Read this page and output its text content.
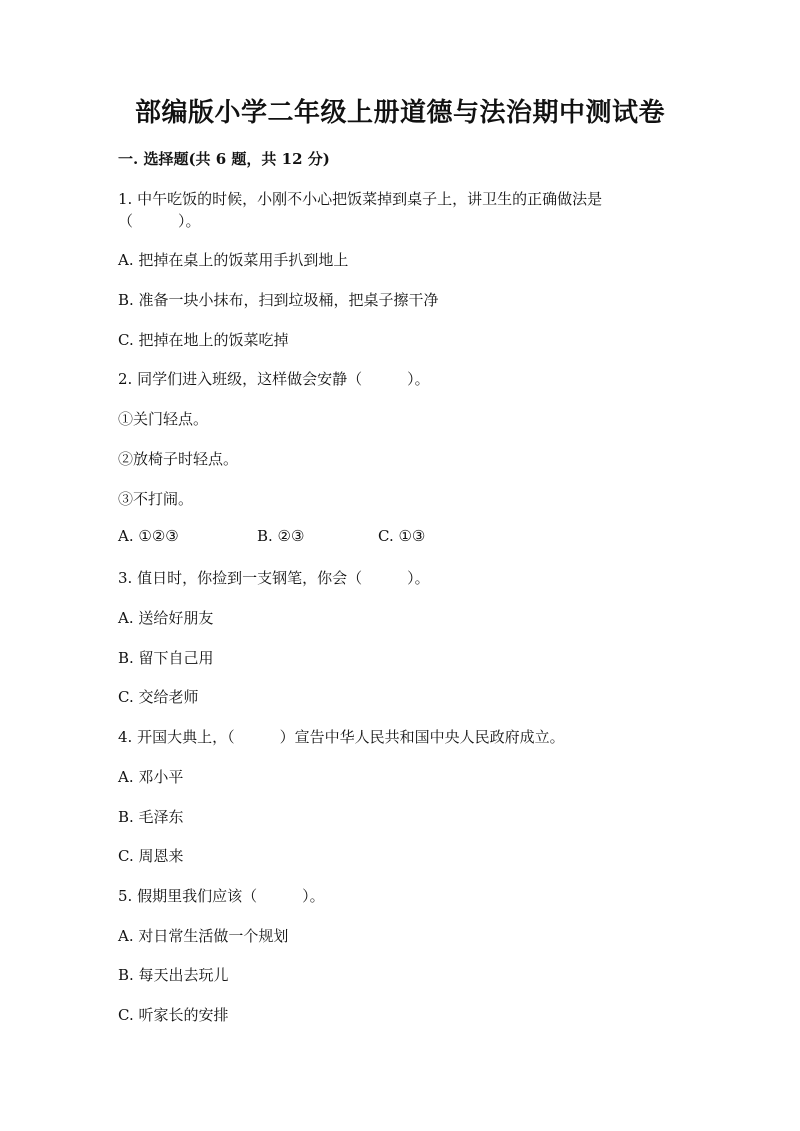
部编版小学二年级上册道德与法治期中测试卷
一. 选择题(共 6 题，共 12 分)
1. 中午吃饭的时候，小刚不小心把饭菜掉到桌子上，讲卫生的正确做法是
（　　　）。
A. 把掉在桌上的饭菜用手扒到地上
B. 准备一块小抹布，扫到垃圾桶，把桌子擦干净
C. 把掉在地上的饭菜吃掉
2. 同学们进入班级，这样做会安静（　　　）。
①关门轻点。
②放椅子时轻点。
③不打闹。
A. ①②③	B. ②③	C. ①③
3. 值日时，你捡到一支钢笔，你会（　　　）。
A. 送给好朋友
B. 留下自己用
C. 交给老师
4. 开国大典上，（　　　）宣告中华人民共和国中央人民政府成立。
A. 邓小平
B. 毛泽东
C. 周恩来
5. 假期里我们应该（　　　）。
A. 对日常生活做一个规划
B. 每天出去玩儿
C. 听家长的安排
